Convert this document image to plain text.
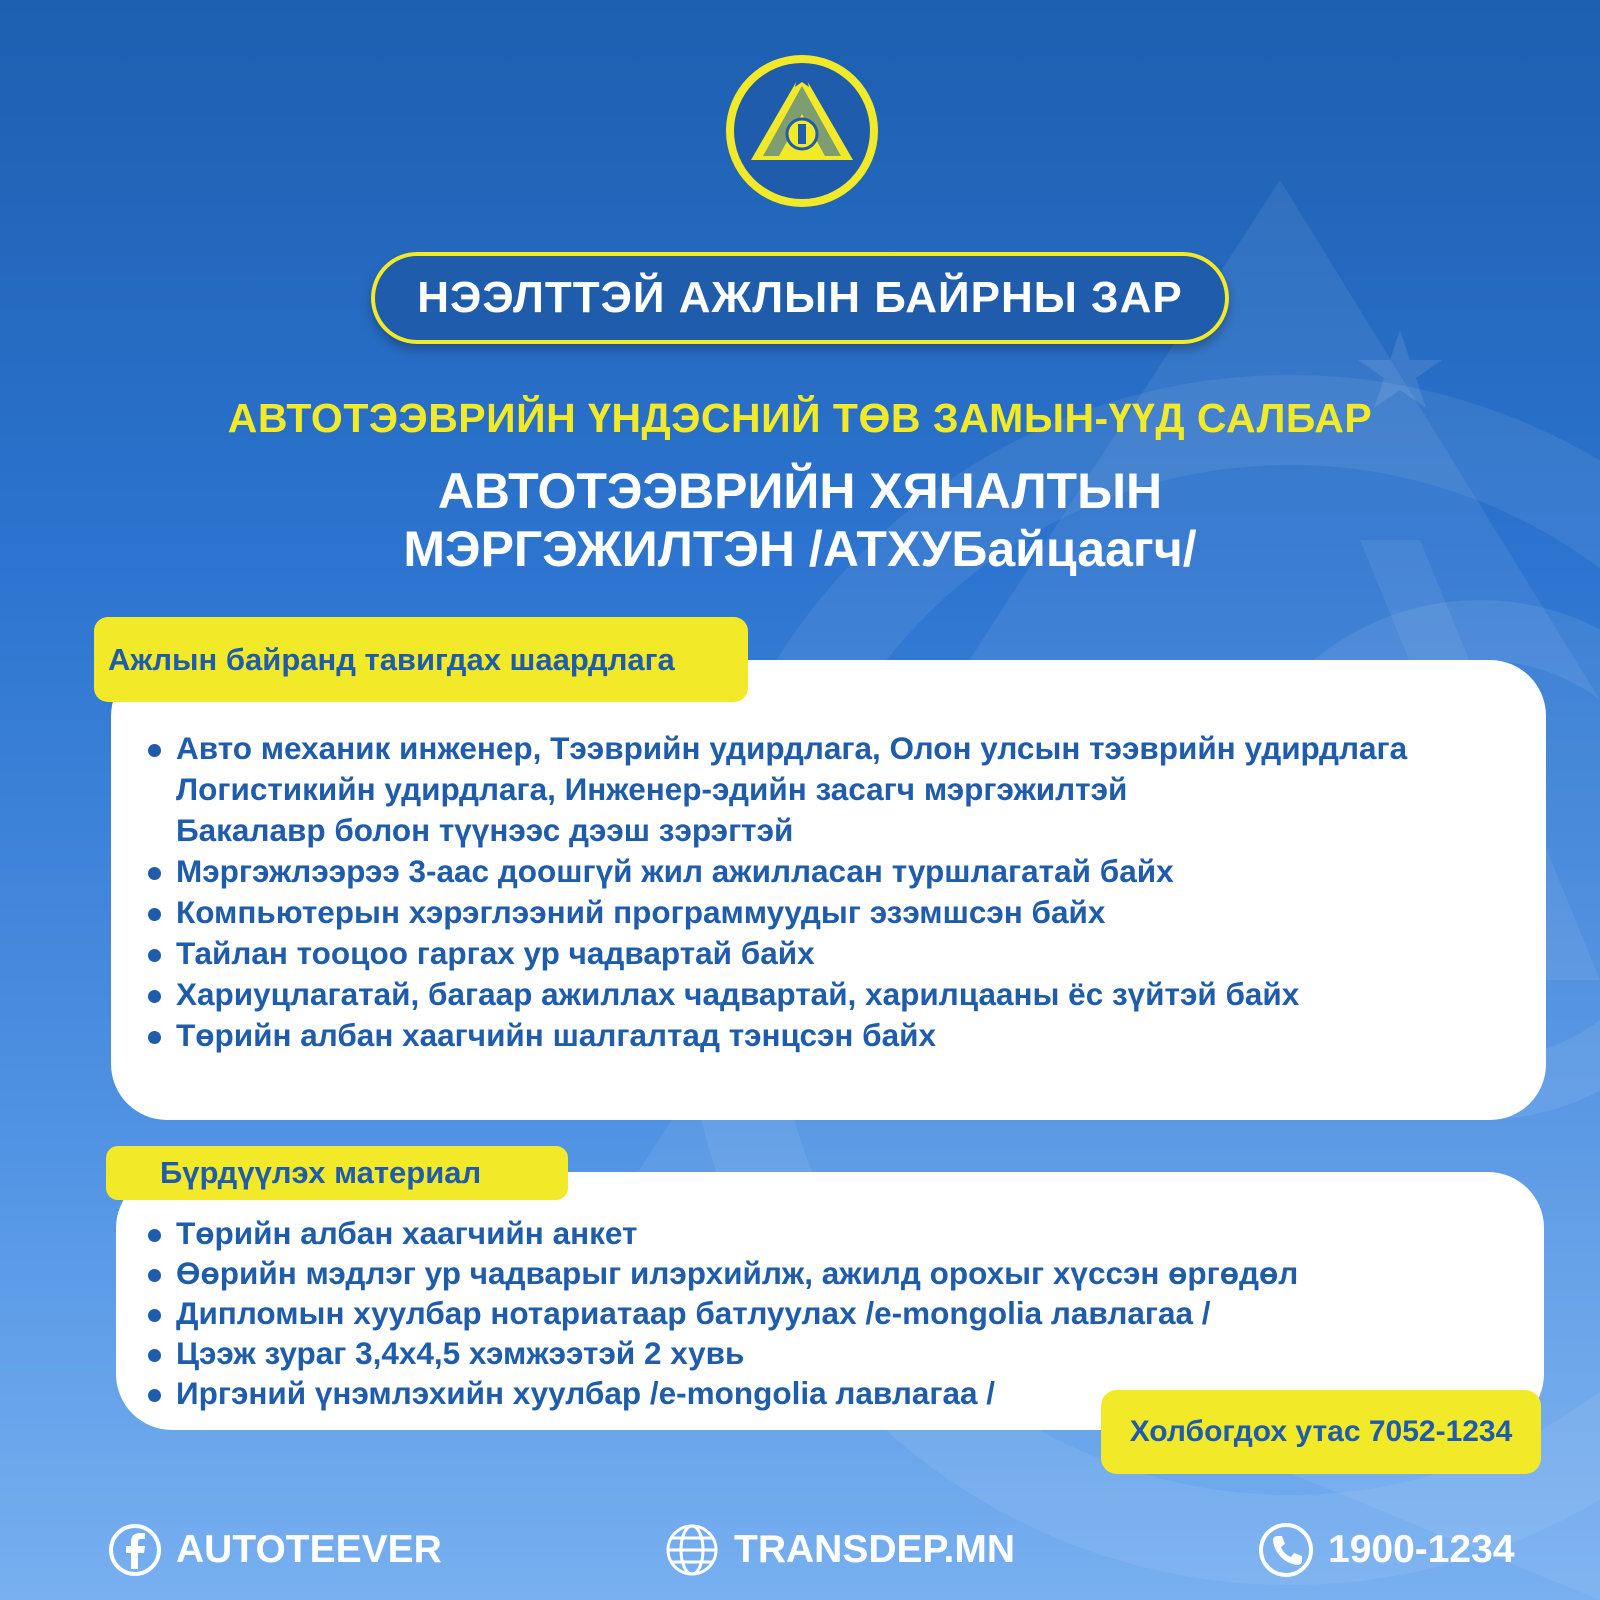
АВТО ТЭЭВЭР
НЭЭЛТТЭЙ АЖЛЫН БАЙРНЫ ЗАР
АВТОТЭЭВРИЙН ҮНДЭСНИЙ ТӨВ ЗАМЫН-ҮҮД САЛБАР
АВТОТЭЭВРИЙН ХЯНАЛТЫН
МЭРГЭЖИЛТЭН /АТХУБайцаагч/
Ажлын байранд тавигдах шаардлага
Авто механик инженер, Тээврийн удирдлага, Олон улсын тээврийн удирдлага
Логистикийн удирдлага, Инженер-эдийн засагч мэргэжилтэй
Бакалавр болон түүнээс дээш зэрэгтэй
Мэргэжлээрээ 3-аас доошгүй жил ажилласан туршлагатай байх
Компьютерын хэрэглээний программуудыг эзэмшсэн байх
Тайлан тооцоо гаргах ур чадвартай байх
Хариуцлагатай, багаар ажиллах чадвартай, харилцааны ёс зүйтэй байх
Төрийн албан хаагчийн шалгалтад тэнцсэн байх
Бүрдүүлэх материал
Төрийн албан хаагчийн анкет
Өөрийн мэдлэг ур чадварыг илэрхийлж, ажилд орохыг хүссэн өргөдөл
Дипломын хуулбар нотариатаар батлуулах /e-mongolia лавлагаа /
Цээж зураг 3,4x4,5 хэмжээтэй 2 хувь
Иргэний үнэмлэхийн хуулбар /e-mongolia лавлагаа /
Холбогдох утас 7052-1234
AUTOTEEVER	TRANSDEP.MN	1900-1234
